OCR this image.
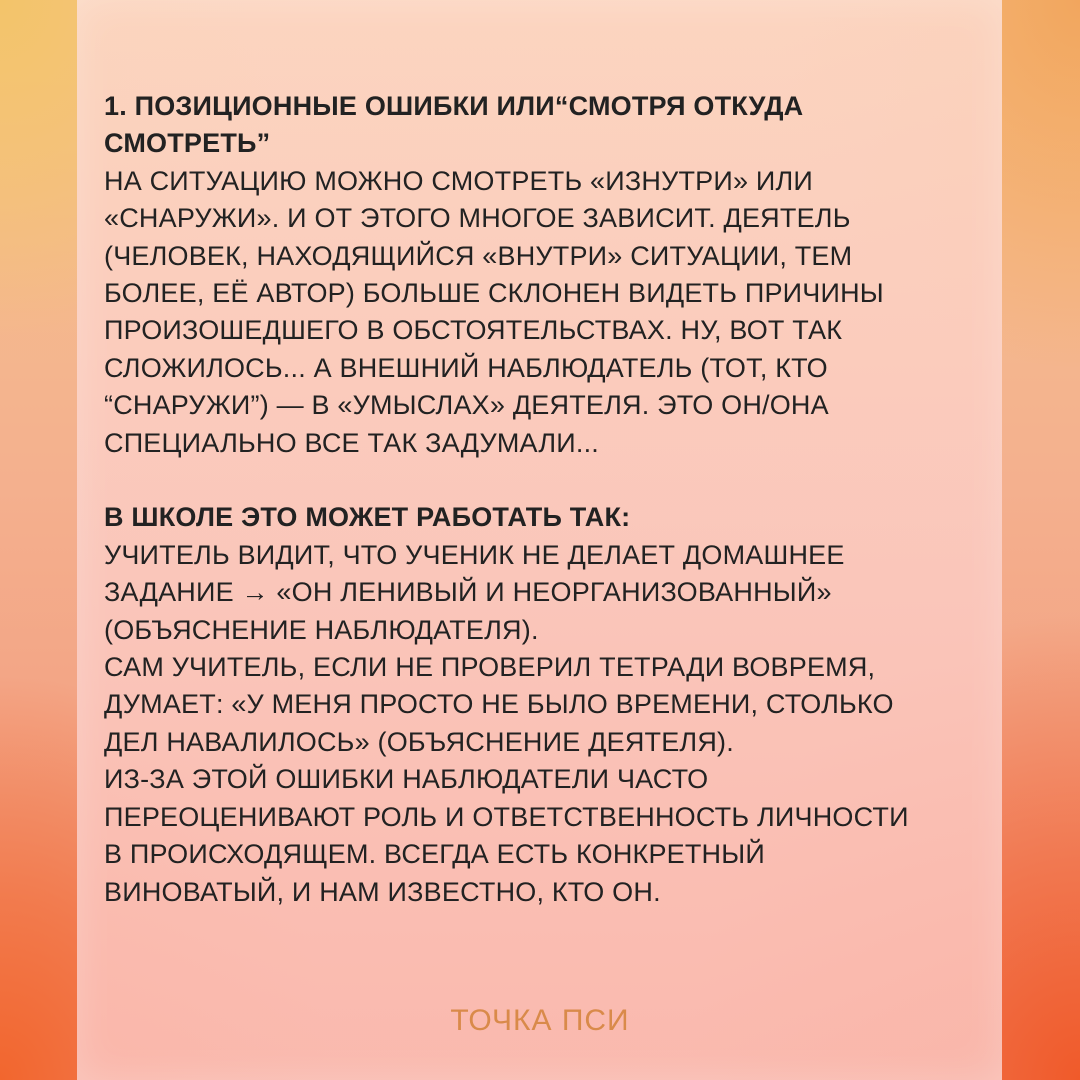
1. ПОЗИЦИОННЫЕ ОШИБКИ ИЛИ“СМОТРЯ ОТКУДА
СМОТРЕТЬ”
НА СИТУАЦИЮ МОЖНО СМОТРЕТЬ «ИЗНУТРИ» ИЛИ
«СНАРУЖИ». И ОТ ЭТОГО МНОГОЕ ЗАВИСИТ. ДЕЯТЕЛЬ
(ЧЕЛОВЕК, НАХОДЯЩИЙСЯ «ВНУТРИ» СИТУАЦИИ, ТЕМ
БОЛЕЕ, ЕЁ АВТОР) БОЛЬШЕ СКЛОНЕН ВИДЕТЬ ПРИЧИНЫ
ПРОИЗОШЕДШЕГО В ОБСТОЯТЕЛЬСТВАХ. НУ, ВОТ ТАК
СЛОЖИЛОСЬ... А ВНЕШНИЙ НАБЛЮДАТЕЛЬ (ТОТ, КТО
“СНАРУЖИ”) — В «УМЫСЛАХ» ДЕЯТЕЛЯ. ЭТО ОН/ОНА
СПЕЦИАЛЬНО ВСЕ ТАК ЗАДУМАЛИ...
В ШКОЛЕ ЭТО МОЖЕТ РАБОТАТЬ ТАК:
УЧИТЕЛЬ ВИДИТ, ЧТО УЧЕНИК НЕ ДЕЛАЕТ ДОМАШНЕЕ
ЗАДАНИЕ → «ОН ЛЕНИВЫЙ И НЕОРГАНИЗОВАННЫЙ»
(ОБЪЯСНЕНИЕ НАБЛЮДАТЕЛЯ).
САМ УЧИТЕЛЬ, ЕСЛИ НЕ ПРОВЕРИЛ ТЕТРАДИ ВОВРЕМЯ,
ДУМАЕТ: «У МЕНЯ ПРОСТО НЕ БЫЛО ВРЕМЕНИ, СТОЛЬКО
ДЕЛ НАВАЛИЛОСЬ» (ОБЪЯСНЕНИЕ ДЕЯТЕЛЯ).
ИЗ-ЗА ЭТОЙ ОШИБКИ НАБЛЮДАТЕЛИ ЧАСТО
ПЕРЕОЦЕНИВАЮТ РОЛЬ И ОТВЕТСТВЕННОСТЬ ЛИЧНОСТИ
В ПРОИСХОДЯЩЕМ. ВСЕГДА ЕСТЬ КОНКРЕТНЫЙ
ВИНОВАТЫЙ, И НАМ ИЗВЕСТНО, КТО ОН.
ТОЧКА ПСИ
